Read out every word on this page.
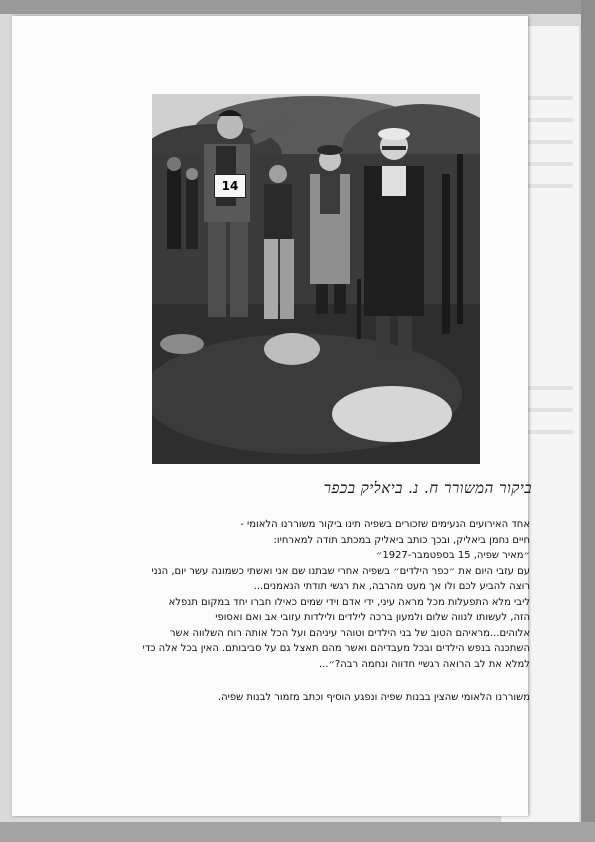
14
ביקור המשורר ח. נ. ביאליק בכפר

אחד האירועים הנעימים שזכורים בשפיה תינו ביקור משוררנו הלאומי -

חיים נחמן ביאליק, ובכך כותב ביאליק במכתב תודה למארחיו:

״מאיר שפיה, 15 בספטמבר-1927״

עם עזבי היום את ״כפר הילדים״ בשפיה אחרי שבתנו שם אני ואשתי כשמונה עשר יום, הנני

רוצה להביע לכם ולו אך מעט מהרבה, את רגשי תודתי הנאמנים...

ליבי מלא התפעלות מכל מראה עיני, ידי אדם וידי שמים כאילו חברו יחד במקום תנפלא

הזה, לעשותו לנווה שלום ולמעון ברכה לילדים ולילדות עזובי אב ואם ואסופי

אלוהים...מראיהם הטוב של בני הילדים וטוהר עיניהם ועל הכל אותה רוח השלווה אשר

השתכנה בנפש הילדים ובכל מעבדיהם ואשר מהם תאצל גם על סביבותם. האין בכל אלה כדי

למלא את לב הרואה רגשיי חדווה ונחמה רבה?״...

משוררנו הלאומי שהצין בבנות שפיה ונפגע הוסיף וכתב מזמור לבנות שפיה.
